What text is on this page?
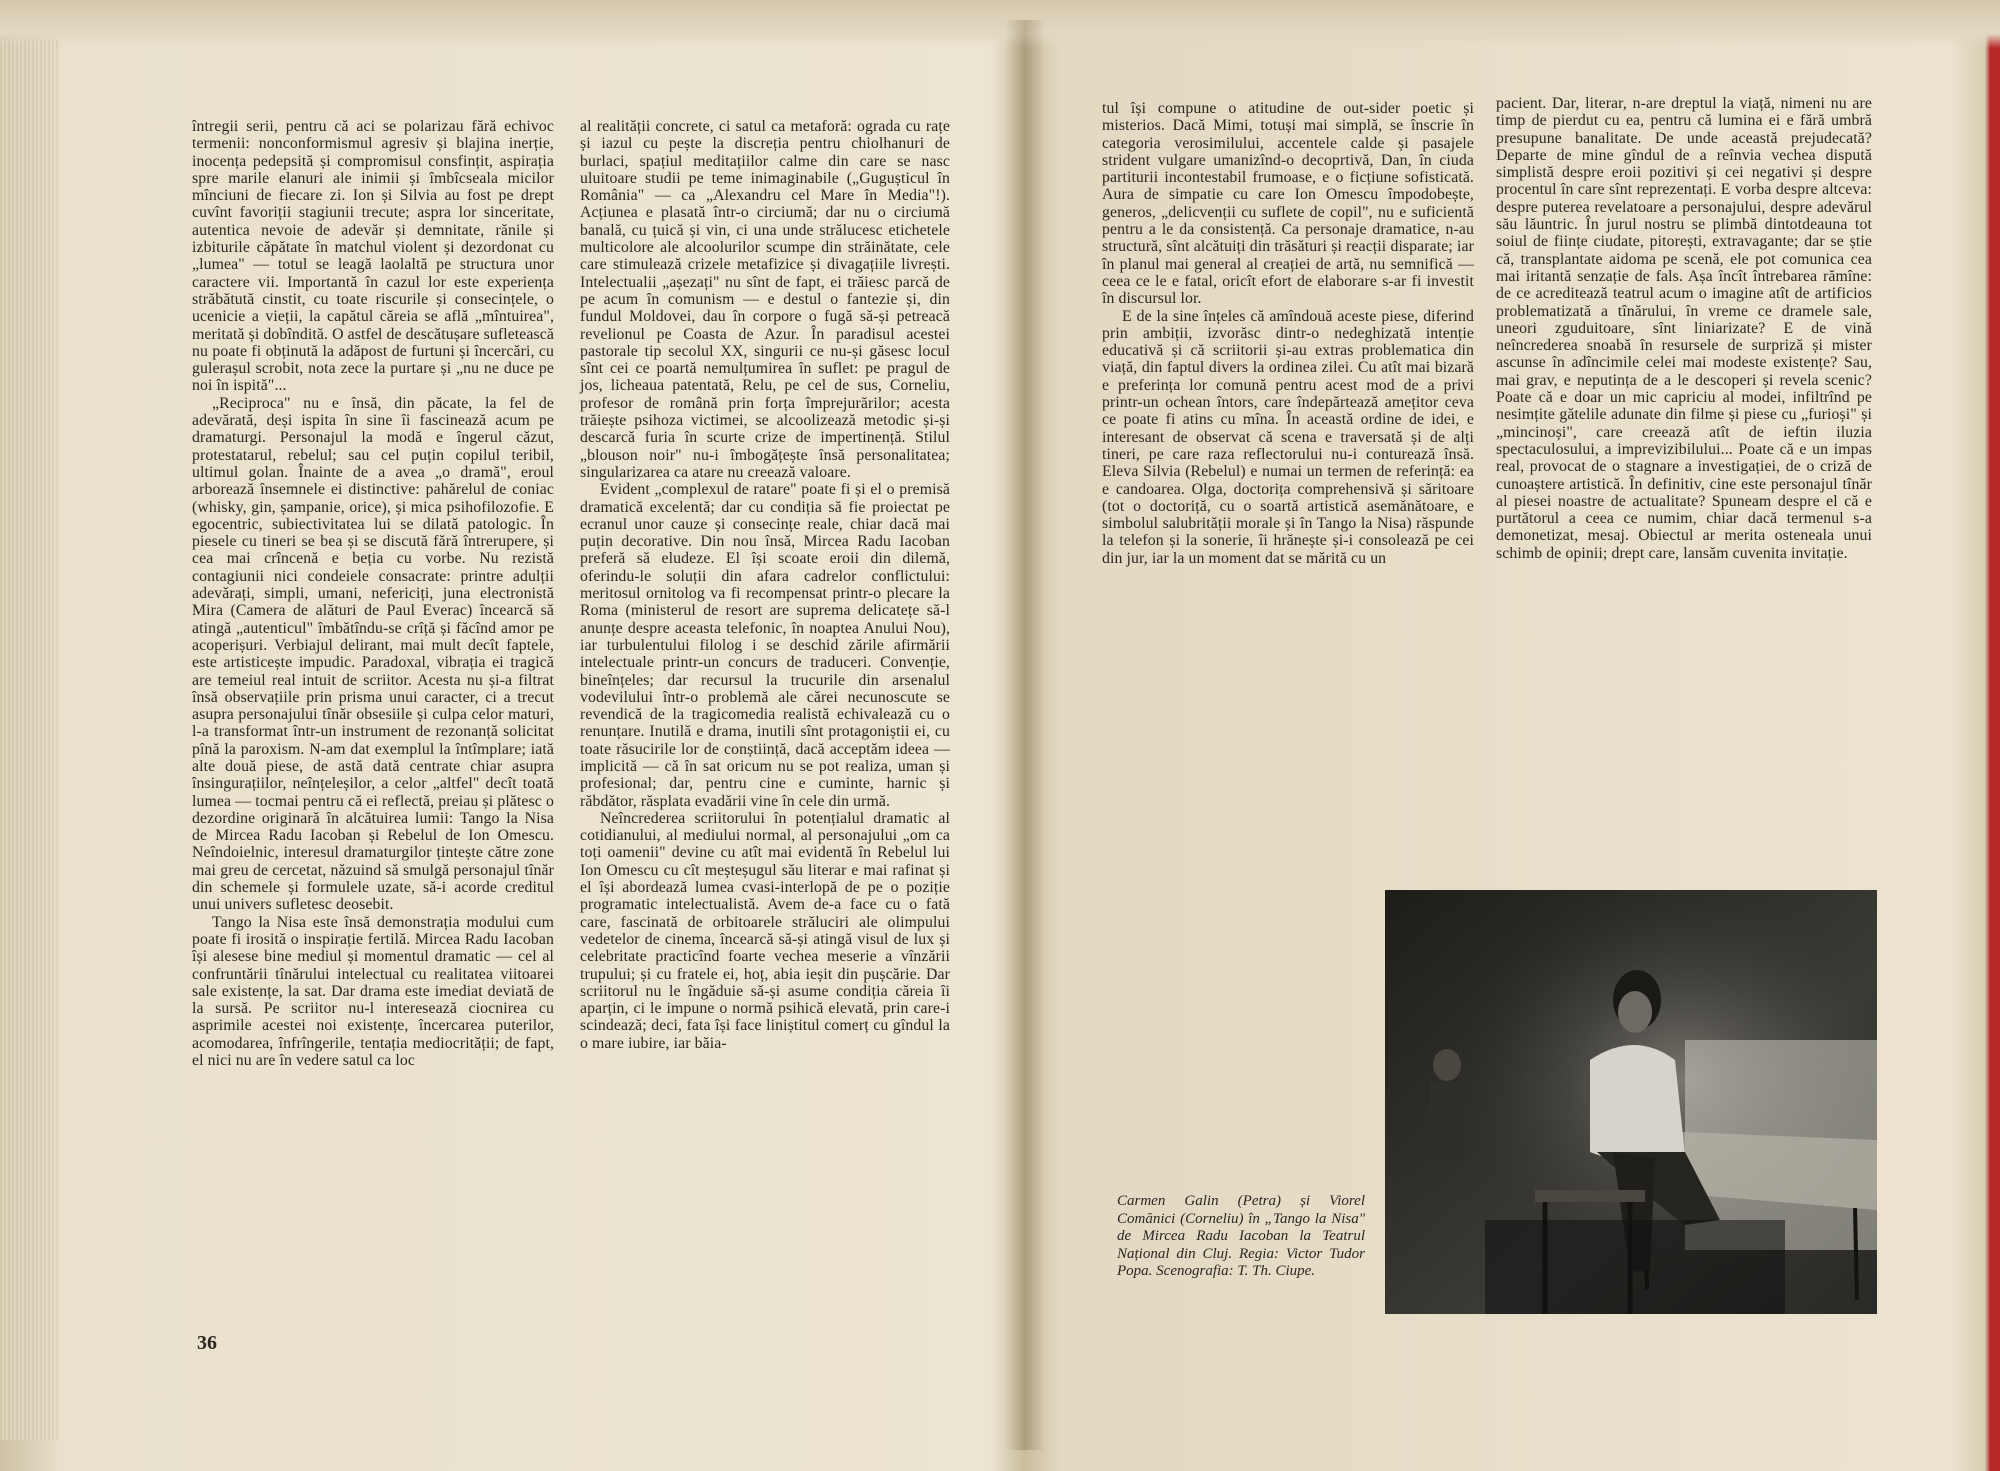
întregii serii, pentru că aci se polarizau fără echivoc termenii: nonconformismul agresiv și blajina inerție, inocența pedepsită și compromisul consfințit, aspirația spre marile elanuri ale inimii și îmbîcseala micilor mînciuni de fiecare zi. Ion și Silvia au fost pe drept cuvînt favoriții stagiunii trecute; aspra lor sinceritate, autentica nevoie de adevăr și demnitate, rănile și izbiturile căpătate în matchul violent și dezordonat cu „lumea" — totul se leagă laolaltă pe structura unor caractere vii. Importantă în cazul lor este experiența străbătută cinstit, cu toate riscurile și consecințele, o ucenicie a vieții, la capătul căreia se află „mîntuirea", meritată și dobîndită. O astfel de descătușare sufletească nu poate fi obținută la adăpost de furtuni și încercări, cu gulerașul scrobit, nota zece la purtare și „nu ne duce pe noi în ispită"...

„Reciproca" nu e însă, din păcate, la fel de adevărată, deși ispita în sine îi fascinează acum pe dramaturgi. Personajul la modă e îngerul căzut, protestatarul, rebelul; sau cel puțin copilul teribil, ultimul golan. Înainte de a avea „o dramă", eroul arborează însemnele ei distinctive: pahărelul de coniac (whisky, gin, șampanie, orice), și mica psihofilozofie. E egocentric, subiectivitatea lui se dilată patologic. În piesele cu tineri se bea și se discută fără întrerupere, și cea mai crîncenă e beția cu vorbe. Nu rezistă contagiunii nici condeiele consacrate: printre adulții adevărați, simpli, umani, nefericiți, juna electronistă Mira (Camera de alături de Paul Everac) încearcă să atingă „autenticul" îmbătîndu-se crîță și făcînd amor pe acoperișuri. Verbiajul delirant, mai mult decît faptele, este artisticește impudic. Paradoxal, vibrația ei tragică are temeiul real intuit de scriitor. Acesta nu și-a filtrat însă observațiile prin prisma unui caracter, ci a trecut asupra personajului tînăr obsesiile și culpa celor maturi, l-a transformat într-un instrument de rezonanță solicitat pînă la paroxism. N-am dat exemplul la întîmplare; iată alte două piese, de astă dată centrate chiar asupra însingurațiilor, neînțeleșilor, a celor „altfel" decît toată lumea — tocmai pentru că ei reflectă, preiau și plătesc o dezordine originară în alcătuirea lumii: Tango la Nisa de Mircea Radu Iacoban și Rebelul de Ion Omescu. Neîndoielnic, interesul dramaturgilor țintește către zone mai greu de cercetat, năzuind să smulgă personajul tînăr din schemele și formulele uzate, să-i acorde creditul unui univers sufletesc deosebit.

Tango la Nisa este însă demonstrația modului cum poate fi irosită o inspirație fertilă. Mircea Radu Iacoban își alesese bine mediul și momentul dramatic — cel al confruntării tînărului intelectual cu realitatea viitoarei sale existențe, la sat. Dar drama este imediat deviată de la sursă. Pe scriitor nu-l interesează ciocnirea cu asprimile acestei noi existențe, încercarea puterilor, acomodarea, înfrîngerile, tentația mediocrității; de fapt, el nici nu are în vedere satul ca loc

al realității concrete, ci satul ca metaforă: ograda cu rațe și iazul cu pește la discreția pentru chiolhanuri de burlaci, spațiul meditațiilor calme din care se nasc uluitoare studii pe teme inimaginabile („Gugușticul în România" — ca „Alexandru cel Mare în Media"!). Acțiunea e plasată într-o circiumă; dar nu o circiumă banală, cu țuică și vin, ci una unde strălucesc etichetele multicolore ale alcoolurilor scumpe din străinătate, cele care stimulează crizele metafizice și divagațiile livrești. Intelectualii „așezați" nu sînt de fapt, ei trăiesc parcă de pe acum în comunism — e destul o fantezie și, din fundul Moldovei, dau în corpore o fugă să-și petreacă revelionul pe Coasta de Azur. În paradisul acestei pastorale tip secolul XX, singurii ce nu-și găsesc locul sînt cei ce poartă nemulțumirea în suflet: pe pragul de jos, licheaua patentată, Relu, pe cel de sus, Corneliu, profesor de română prin forța împrejurărilor; acesta trăiește psihoza victimei, se alcoolizează metodic și-și descarcă furia în scurte crize de impertinență. Stilul „blouson noir" nu-i îmbogățește însă personalitatea; singularizarea ca atare nu creează valoare.

Evident „complexul de ratare" poate fi și el o premisă dramatică excelentă; dar cu condiția să fie proiectat pe ecranul unor cauze și consecințe reale, chiar dacă mai puțin decorative. Din nou însă, Mircea Radu Iacoban preferă să eludeze. El își scoate eroii din dilemă, oferindu-le soluții din afara cadrelor conflictului: meritosul ornitolog va fi recompensat printr-o plecare la Roma (ministerul de resort are suprema delicatețe să-l anunțe despre aceasta telefonic, în noaptea Anului Nou), iar turbulentului filolog i se deschid zările afirmării intelectuale printr-un concurs de traduceri. Convenție, bineînțeles; dar recursul la trucurile din arsenalul vodevilului într-o problemă ale cărei necunoscute se revendică de la tragicomedia realistă echivalează cu o renunțare. Inutilă e drama, inutili sînt protagoniștii ei, cu toate răsucirile lor de conștiință, dacă acceptăm ideea — implicită — că în sat oricum nu se pot realiza, uman și profesional; dar, pentru cine e cuminte, harnic și răbdător, răsplata evadării vine în cele din urmă.

Neîncrederea scriitorului în potențialul dramatic al cotidianului, al mediului normal, al personajului „om ca toți oamenii" devine cu atît mai evidentă în Rebelul lui Ion Omescu cu cît meșteșugul său literar e mai rafinat și el își abordează lumea cvasi-interlopă de pe o poziție programatic intelectualistă. Avem de-a face cu o fată care, fascinată de orbitoarele străluciri ale olimpului vedetelor de cinema, încearcă să-și atingă visul de lux și celebritate practicînd foarte vechea meserie a vînzării trupului; și cu fratele ei, hoț, abia ieșit din pușcărie. Dar scriitorul nu le îngăduie să-și asume condiția căreia îi aparțin, ci le impune o normă psihică elevată, prin care-i scindează; deci, fata își face liniștitul comerț cu gîndul la o mare iubire, iar băia-

tul își compune o atitudine de out-sider poetic și misterios. Dacă Mimi, totuși mai simplă, se înscrie în categoria verosimilului, accentele calde și pasajele strident vulgare umanizînd-o decoprtivă, Dan, în ciuda partiturii incontestabil frumoase, e o ficțiune sofisticată. Aura de simpatie cu care Ion Omescu împodobește, generos, „delicvenții cu suflete de copil", nu e suficientă pentru a le da consistență. Ca personaje dramatice, n-au structură, sînt alcătuiți din trăsături și reacții disparate; iar în planul mai general al creației de artă, nu semnifică — ceea ce le e fatal, oricît efort de elaborare s-ar fi investit în discursul lor.

E de la sine înțeles că amîndouă aceste piese, diferind prin ambiții, izvorăsc dintr-o nedeghizată intenție educativă și că scriitorii și-au extras problematica din viață, din faptul divers la ordinea zilei. Cu atît mai bizară e preferința lor comună pentru acest mod de a privi printr-un ochean întors, care îndepărtează amețitor ceva ce poate fi atins cu mîna. În această ordine de idei, e interesant de observat că scena e traversată și de alți tineri, pe care raza reflectorului nu-i conturează însă. Eleva Silvia (Rebelul) e numai un termen de referință: ea e candoarea. Olga, doctorița comprehensivă și săritoare (tot o doctoriță, cu o soartă artistică asemănătoare, e simbolul salubrității morale și în Tango la Nisa) răspunde la telefon și la sonerie, îi hrănește și-i consolează pe cei din jur, iar la un moment dat se mărită cu un

pacient. Dar, literar, n-are dreptul la viață, nimeni nu are timp de pierdut cu ea, pentru că lumina ei e fără umbră presupune banalitate. De unde această prejudecată? Departe de mine gîndul de a reînvia vechea dispută simplistă despre eroii pozitivi și cei negativi și despre procentul în care sînt reprezentați. E vorba despre altceva: despre puterea revelatoare a personajului, despre adevărul său lăuntric. În jurul nostru se plimbă dintotdeauna tot soiul de ființe ciudate, pitorești, extravagante; dar se știe că, transplantate aidoma pe scenă, ele pot comunica cea mai iritantă senzație de fals. Așa încît întrebarea rămîne: de ce acreditează teatrul acum o imagine atît de artificios problematizată a tînărului, în vreme ce dramele sale, uneori zguduitoare, sînt liniarizate? E de vină neîncrederea snoabă în resursele de surpriză și mister ascunse în adîncimile celei mai modeste existențe? Sau, mai grav, e neputința de a le descoperi și revela scenic? Poate că e doar un mic capriciu al modei, infiltrînd pe nesimțite gătelile adunate din filme și piese cu „furioși" și „mincinoși", care creează atît de ieftin iluzia spectaculosului, a imprevizibilului... Poate că e un impas real, provocat de o stagnare a investigației, de o criză de cunoaștere artistică. În definitiv, cine este personajul tînăr al piesei noastre de actualitate? Spuneam despre el că e purtătorul a ceea ce numim, chiar dacă termenul s-a demonetizat, mesaj. Obiectul ar merita osteneala unui schimb de opinii; drept care, lansăm cuvenita invitație.

36
Carmen Galin (Petra) și Viorel Comănici (Corneliu) în „Tango la Nisa" de Mircea Radu Iacoban la Teatrul Național din Cluj. Regia: Victor Tudor Popa. Scenografia: T. Th. Ciupe.
